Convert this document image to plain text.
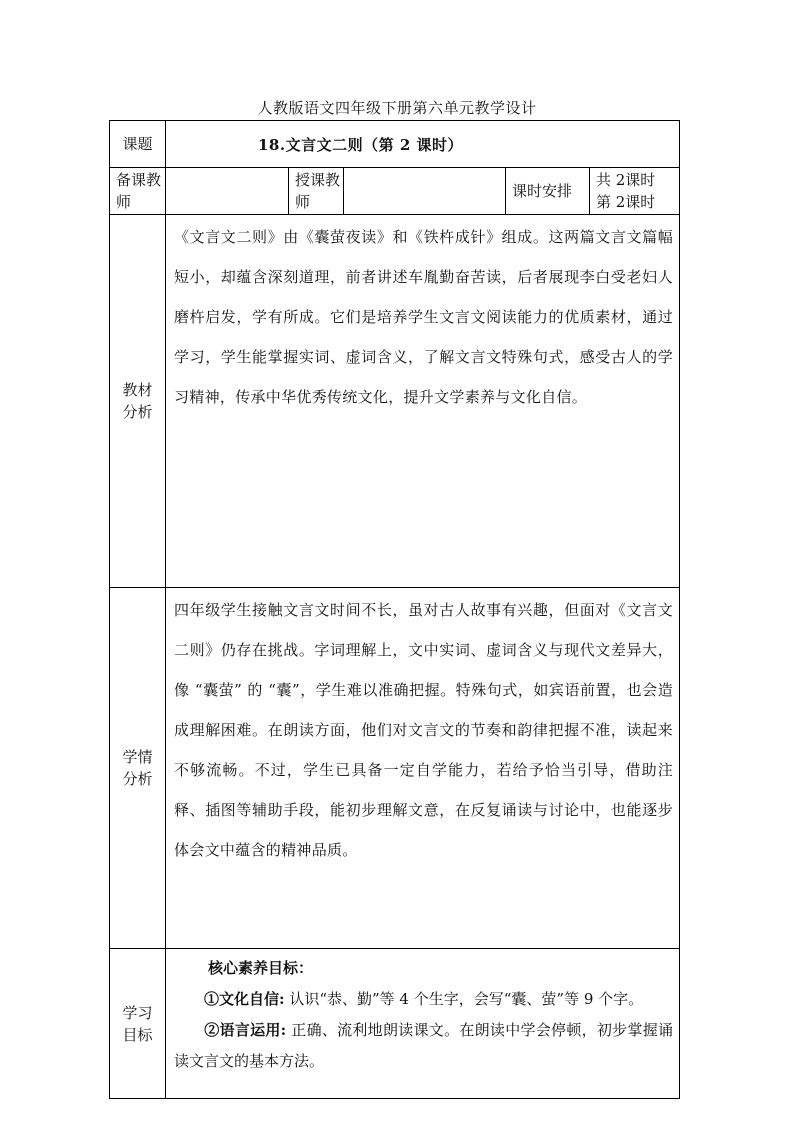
人教版语文四年级下册第六单元教学设计
课题	18.文言文二则（第 2 课时）				
备课教师		授课教师		课时安排	共 2课时
第 2课时

教材分析	《文言文二则》由《囊萤夜读》和《铁杵成针》组成。这两篇文言文篇幅短小，却蕴含深刻道理，前者讲述车胤勤奋苦读，后者展现李白受老妇人磨杵启发，学有所成。它们是培养学生文言文阅读能力的优质素材，通过学习，学生能掌握实词、虚词含义，了解文言文特殊句式，感受古人的学习精神，传承中华优秀传统文化，提升文学素养与文化自信。				

学情分析	四年级学生接触文言文时间不长，虽对古人故事有兴趣，但面对《文言文二则》仍存在挑战。字词理解上，文中实词、虚词含义与现代文差异大，像 “囊萤” 的 “囊”，学生难以准确把握。特殊句式，如宾语前置，也会造成理解困难。在朗读方面，他们对文言文的节奏和韵律把握不准，读起来不够流畅。不过，学生已具备一定自学能力，若给予恰当引导，借助注释、插图等辅助手段，能初步理解文意，在反复诵读与讨论中，也能逐步体会文中蕴含的精神品质。				

学习目标	核心素养目标：
①文化自信: 认识“恭、勤”等 4 个生字，会写“囊、萤”等 9 个字。
②语言运用: 正确、流利地朗读课文。在朗读中学会停顿，初步掌握诵读文言文的基本方法。				
